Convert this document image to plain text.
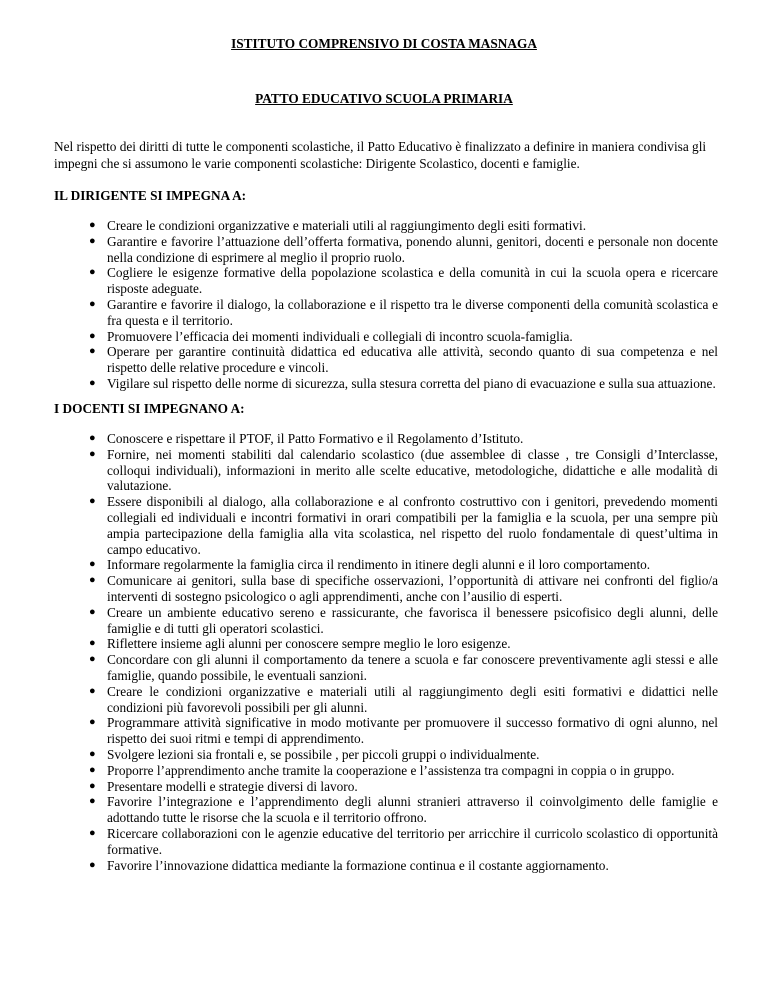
ISTITUTO COMPRENSIVO DI COSTA MASNAGA

PATTO EDUCATIVO SCUOLA PRIMARIA

Nel rispetto dei diritti di tutte le componenti scolastiche, il Patto Educativo è finalizzato a definire in maniera condivisa gli impegni che si assumono le varie componenti scolastiche: Dirigente Scolastico, docenti e famiglie.

IL DIRIGENTE SI IMPEGNA A:

● Creare le condizioni organizzative e materiali utili al raggiungimento degli esiti formativi.
● Garantire e favorire l’attuazione dell’offerta formativa, ponendo alunni, genitori, docenti e personale non docente nella condizione di esprimere al meglio il proprio ruolo.
● Cogliere le esigenze formative della popolazione scolastica e della comunità in cui la scuola opera e ricercare risposte adeguate.
● Garantire e favorire il dialogo, la collaborazione e il rispetto tra le diverse componenti della comunità scolastica e fra questa e il territorio.
● Promuovere l’efficacia dei momenti individuali e collegiali di incontro scuola-famiglia.
● Operare per garantire continuità didattica ed educativa alle attività, secondo quanto di sua competenza e nel rispetto delle relative procedure e vincoli.
● Vigilare sul rispetto delle norme di sicurezza, sulla stesura corretta del piano di evacuazione e sulla sua attuazione.

I DOCENTI SI IMPEGNANO A:

● Conoscere e rispettare il PTOF, il Patto Formativo e il Regolamento d’Istituto.
● Fornire, nei momenti stabiliti dal calendario scolastico (due assemblee di classe , tre Consigli d’Interclasse, colloqui individuali), informazioni in merito alle scelte educative, metodologiche, didattiche e alle modalità di valutazione.
● Essere disponibili al dialogo, alla collaborazione e al confronto costruttivo con i genitori, prevedendo momenti collegiali ed individuali e incontri formativi in orari compatibili per la famiglia e la scuola, per una sempre più ampia partecipazione della famiglia alla vita scolastica, nel rispetto del ruolo fondamentale di quest’ultima in campo educativo.
● Informare regolarmente la famiglia circa il rendimento in itinere degli alunni e il loro comportamento.
● Comunicare ai genitori, sulla base di specifiche osservazioni, l’opportunità di attivare nei confronti del figlio/a interventi di sostegno psicologico o agli apprendimenti, anche con l’ausilio di esperti.
● Creare un ambiente educativo sereno e rassicurante, che favorisca il benessere psicofisico degli alunni, delle famiglie e di tutti gli operatori scolastici.
● Riflettere insieme agli alunni per conoscere sempre meglio le loro esigenze.
● Concordare con gli alunni il comportamento da tenere a scuola e far conoscere preventivamente agli stessi e alle famiglie, quando possibile, le eventuali sanzioni.
● Creare le condizioni organizzative e materiali utili al raggiungimento degli esiti formativi e didattici nelle condizioni più favorevoli possibili per gli alunni.
● Programmare attività significative in modo motivante per promuovere il successo formativo di ogni alunno, nel rispetto dei suoi ritmi e tempi di apprendimento.
● Svolgere lezioni sia frontali e, se possibile , per piccoli gruppi o individualmente.
● Proporre l’apprendimento anche tramite la cooperazione e l’assistenza tra compagni in coppia o in gruppo.
● Presentare modelli e strategie diversi di lavoro.
● Favorire l’integrazione e l’apprendimento degli alunni stranieri attraverso il coinvolgimento delle famiglie e adottando tutte le risorse che la scuola e il territorio offrono.
● Ricercare collaborazioni con le agenzie educative del territorio per arricchire il curricolo scolastico di opportunità formative.
● Favorire l’innovazione didattica mediante la formazione continua e il costante aggiornamento.
